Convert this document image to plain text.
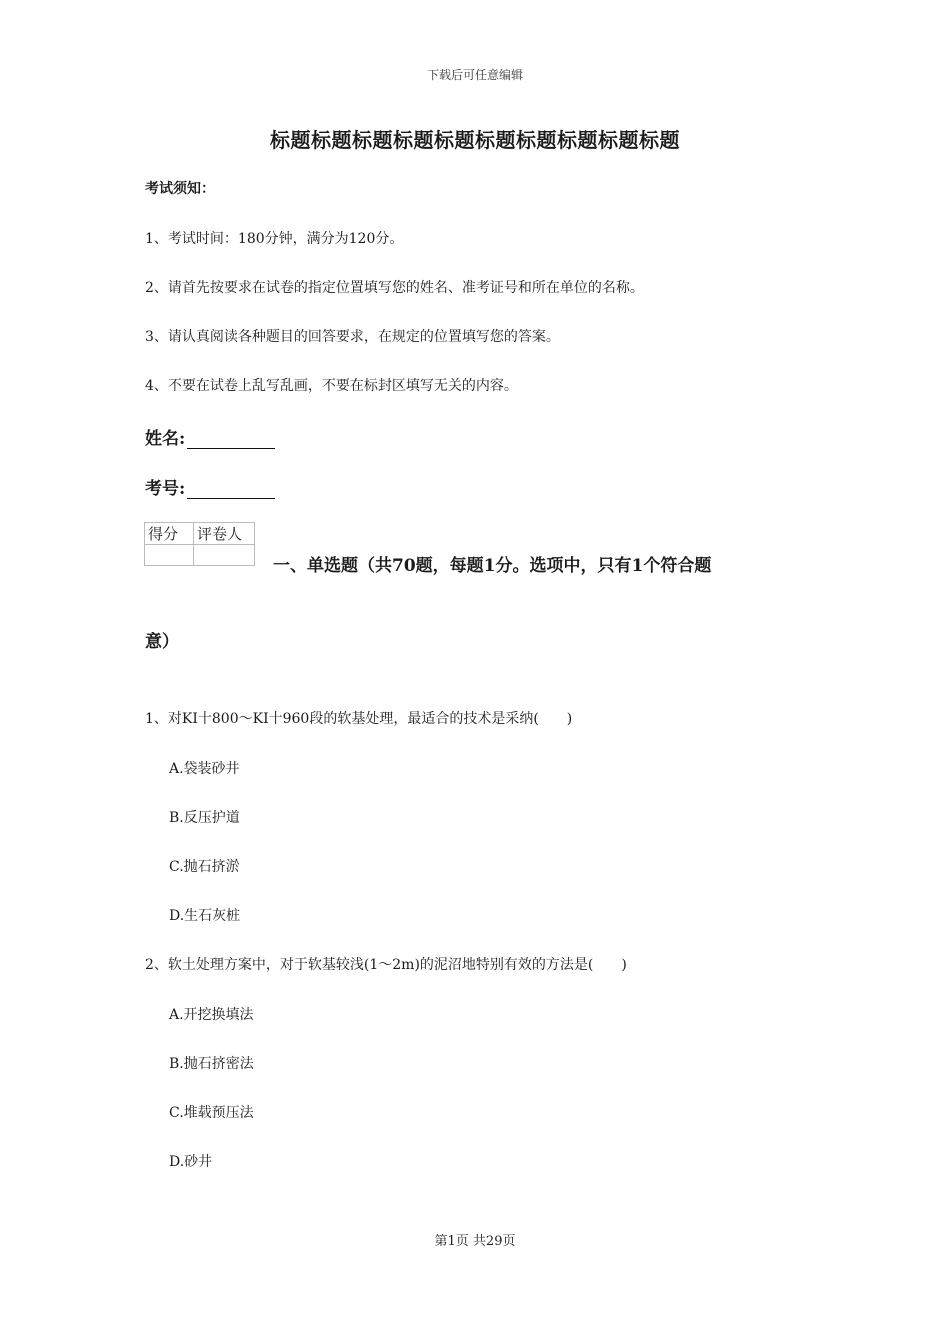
下载后可任意编辑
标题标题标题标题标题标题标题标题标题标题
考试须知：
1、考试时间：180分钟，满分为120分。
2、请首先按要求在试卷的指定位置填写您的姓名、准考证号和所在单位的名称。
3、请认真阅读各种题目的回答要求，在规定的位置填写您的答案。
4、不要在试卷上乱写乱画，不要在标封区填写无关的内容。
姓名:
考号:
得分	评卷人

一、单选题（共70题，每题1分。选项中，只有1个符合题
意）
1、对KI十800～KI十960段的软基处理，最适合的技术是采纳(　　)
A.袋装砂井
B.反压护道
C.抛石挤淤
D.生石灰桩
2、软土处理方案中，对于软基较浅(1～2m)的泥沼地特别有效的方法是(　　)
A.开挖换填法
B.抛石挤密法
C.堆载预压法
D.砂井
第1页 共29页
